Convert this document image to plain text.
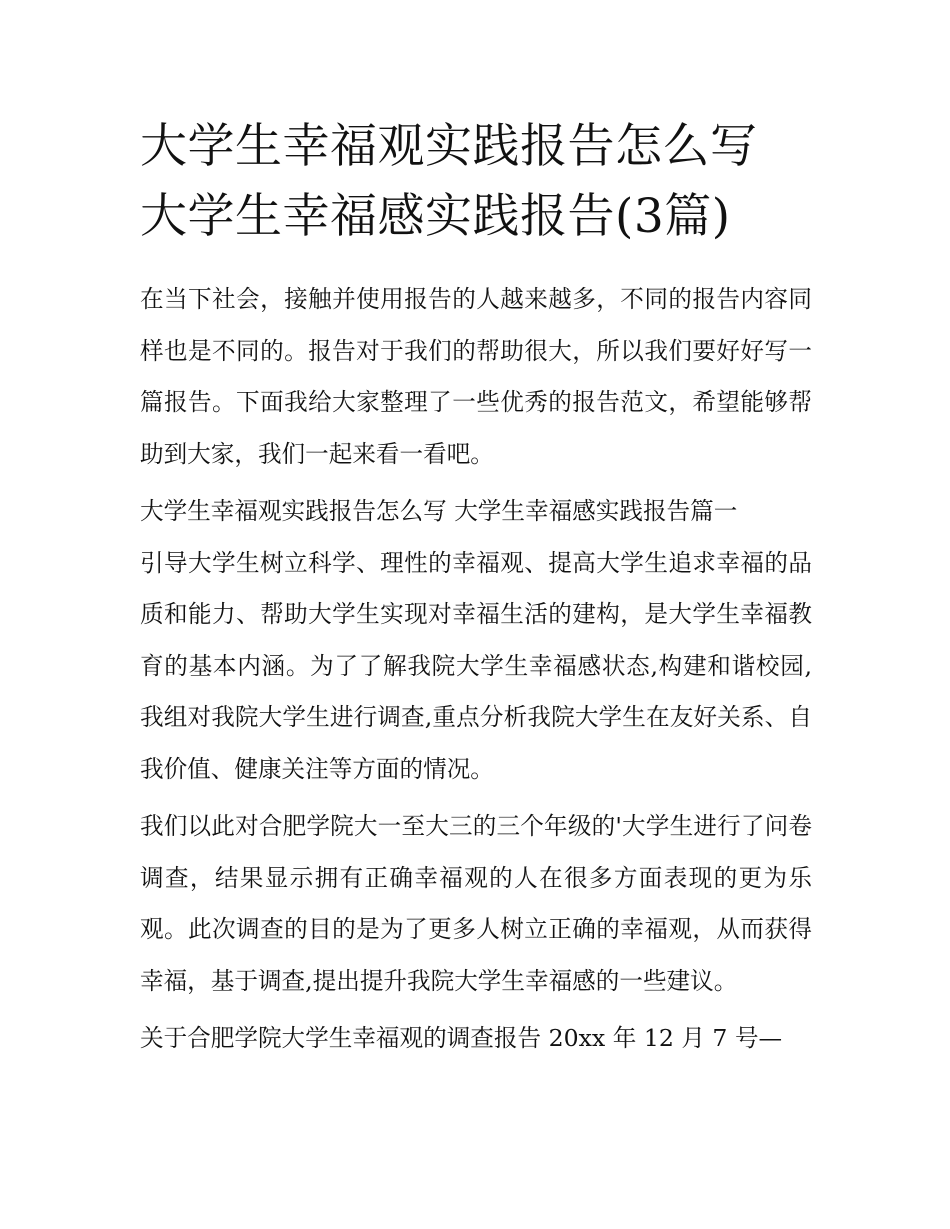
大学生幸福观实践报告怎么写
大学生幸福感实践报告(3篇)

在当下社会，接触并使用报告的人越来越多，不同的报告内容同样也是不同的。报告对于我们的帮助很大，所以我们要好好写一篇报告。下面我给大家整理了一些优秀的报告范文，希望能够帮助到大家，我们一起来看一看吧。

大学生幸福观实践报告怎么写 大学生幸福感实践报告篇一

引导大学生树立科学、理性的幸福观、提高大学生追求幸福的品质和能力、帮助大学生实现对幸福生活的建构，是大学生幸福教育的基本内涵。为了了解我院大学生幸福感状态,构建和谐校园,我组对我院大学生进行调查,重点分析我院大学生在友好关系、自我价值、健康关注等方面的情况。

我们以此对合肥学院大一至大三的三个年级的'大学生进行了问卷调查，结果显示拥有正确幸福观的人在很多方面表现的更为乐观。此次调查的目的是为了更多人树立正确的幸福观，从而获得幸福，基于调查,提出提升我院大学生幸福感的一些建议。

关于合肥学院大学生幸福观的调查报告 20xx 年 12 月 7 号—
